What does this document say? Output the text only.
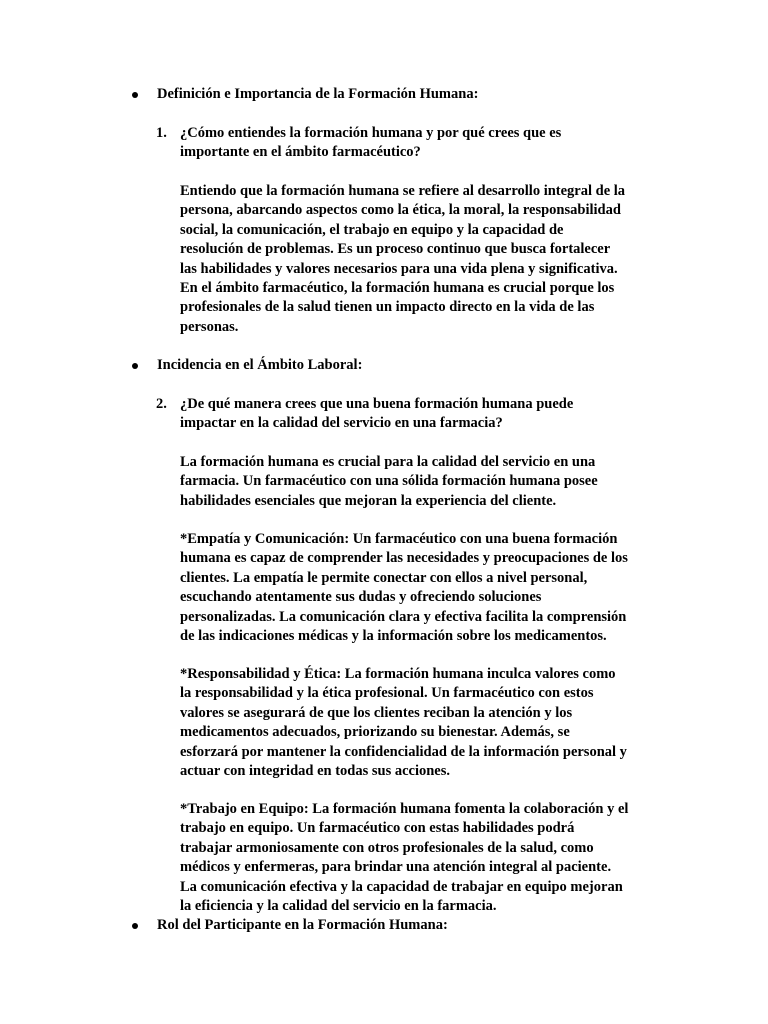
Definición e Importancia de la Formación Humana:
1. ¿Cómo entiendes la formación humana y por qué crees que es
importante en el ámbito farmacéutico?
Entiendo que la formación humana se refiere al desarrollo integral de la
persona, abarcando aspectos como la ética, la moral, la responsabilidad
social, la comunicación, el trabajo en equipo y la capacidad de
resolución de problemas. Es un proceso continuo que busca fortalecer
las habilidades y valores necesarios para una vida plena y significativa.
En el ámbito farmacéutico, la formación humana es crucial porque los
profesionales de la salud tienen un impacto directo en la vida de las
personas.
Incidencia en el Ámbito Laboral:
2. ¿De qué manera crees que una buena formación humana puede
impactar en la calidad del servicio en una farmacia?
La formación humana es crucial para la calidad del servicio en una
farmacia. Un farmacéutico con una sólida formación humana posee
habilidades esenciales que mejoran la experiencia del cliente.
*Empatía y Comunicación: Un farmacéutico con una buena formación
humana es capaz de comprender las necesidades y preocupaciones de los
clientes. La empatía le permite conectar con ellos a nivel personal,
escuchando atentamente sus dudas y ofreciendo soluciones
personalizadas. La comunicación clara y efectiva facilita la comprensión
de las indicaciones médicas y la información sobre los medicamentos.
*Responsabilidad y Ética: La formación humana inculca valores como
la responsabilidad y la ética profesional. Un farmacéutico con estos
valores se asegurará de que los clientes reciban la atención y los
medicamentos adecuados, priorizando su bienestar. Además, se
esforzará por mantener la confidencialidad de la información personal y
actuar con integridad en todas sus acciones.
*Trabajo en Equipo: La formación humana fomenta la colaboración y el
trabajo en equipo. Un farmacéutico con estas habilidades podrá
trabajar armoniosamente con otros profesionales de la salud, como
médicos y enfermeras, para brindar una atención integral al paciente.
La comunicación efectiva y la capacidad de trabajar en equipo mejoran
la eficiencia y la calidad del servicio en la farmacia.
Rol del Participante en la Formación Humana:
